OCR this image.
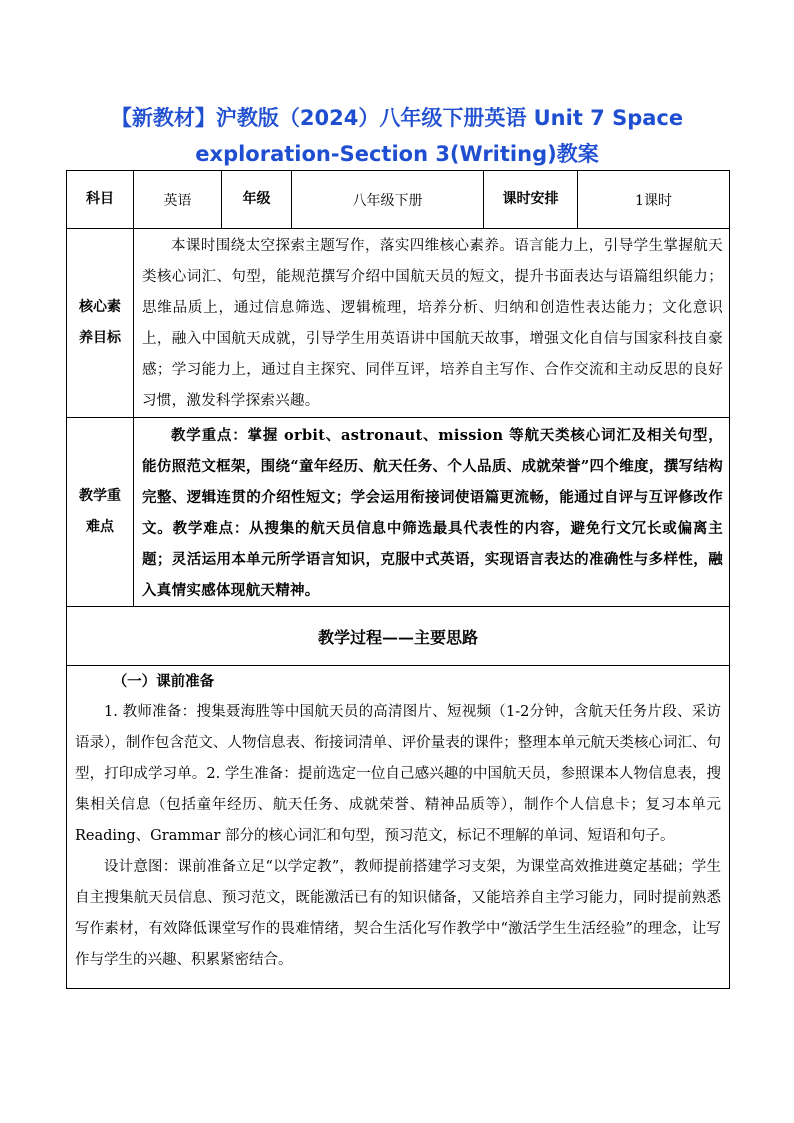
【新教材】沪教版（2024）八年级下册英语 Unit 7 Space exploration-Section 3(Writing)教案
科目	英语	年级	八年级下册	课时安排	1课时

核心素养目标	本课时围绕太空探索主题写作，落实四维核心素养。语言能力上，引导学生掌握航天类核心词汇、句型，能规范撰写介绍中国航天员的短文，提升书面表达与语篇组织能力；思维品质上，通过信息筛选、逻辑梳理，培养分析、归纳和创造性表达能力；文化意识上，融入中国航天成就，引导学生用英语讲中国航天故事，增强文化自信与国家科技自豪感；学习能力上，通过自主探究、同伴互评，培养自主写作、合作交流和主动反思的良好习惯，激发科学探索兴趣。				

教学重难点	教学重点：掌握 orbit、astronaut、mission 等航天类核心词汇及相关句型，能仿照范文框架，围绕“童年经历、航天任务、个人品质、成就荣誉”四个维度，撰写结构完整、逻辑连贯的介绍性短文；学会运用衔接词使语篇更流畅，能通过自评与互评修改作文。教学难点：从搜集的航天员信息中筛选最具代表性的内容，避免行文冗长或偏离主题；灵活运用本单元所学语言知识，克服中式英语，实现语言表达的准确性与多样性，融入真情实感体现航天精神。				
教学过程——主要思路					

（一）课前准备

1. 教师准备：搜集聂海胜等中国航天员的高清图片、短视频（1-2分钟，含航天任务片段、采访语录），制作包含范文、人物信息表、衔接词清单、评价量表的课件；整理本单元航天类核心词汇、句型，打印成学习单。2. 学生准备：提前选定一位自己感兴趣的中国航天员，参照课本人物信息表，搜集相关信息（包括童年经历、航天任务、成就荣誉、精神品质等），制作个人信息卡；复习本单元 Reading、Grammar 部分的核心词汇和句型，预习范文，标记不理解的单词、短语和句子。

设计意图：课前准备立足“以学定教”，教师提前搭建学习支架，为课堂高效推进奠定基础；学生自主搜集航天员信息、预习范文，既能激活已有的知识储备，又能培养自主学习能力，同时提前熟悉写作素材，有效降低课堂写作的畏难情绪，契合生活化写作教学中“激活学生生活经验”的理念，让写作与学生的兴趣、积累紧密结合。					
